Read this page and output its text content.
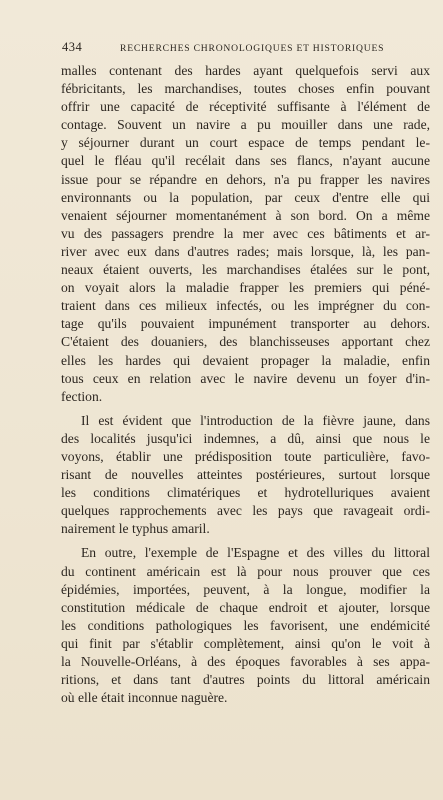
434	RECHERCHES CHRONOLOGIQUES ET HISTORIQUES
malles contenant des hardes ayant quelquefois servi aux
fébricitants, les marchandises, toutes choses enfin pouvant
offrir une capacité de réceptivité suffisante à l'élément de
contage. Souvent un navire a pu mouiller dans une rade,
y séjourner durant un court espace de temps pendant le-
quel le fléau qu'il recélait dans ses flancs, n'ayant aucune
issue pour se répandre en dehors, n'a pu frapper les navires
environnants ou la population, par ceux d'entre elle qui
venaient séjourner momentanément à son bord. On a même
vu des passagers prendre la mer avec ces bâtiments et ar-
river avec eux dans d'autres rades; mais lorsque, là, les pan-
neaux étaient ouverts, les marchandises étalées sur le pont,
on voyait alors la maladie frapper les premiers qui péné-
traient dans ces milieux infectés, ou les imprégner du con-
tage qu'ils pouvaient impunément transporter au dehors.
C'étaient des douaniers, des blanchisseuses apportant chez
elles les hardes qui devaient propager la maladie, enfin
tous ceux en relation avec le navire devenu un foyer d'in-
fection.
Il est évident que l'introduction de la fièvre jaune, dans
des localités jusqu'ici indemnes, a dû, ainsi que nous le
voyons, établir une prédisposition toute particulière, favo-
risant de nouvelles atteintes postérieures, surtout lorsque
les conditions climatériques et hydrotelluriques avaient
quelques rapprochements avec les pays que ravageait ordi-
nairement le typhus amaril.
En outre, l'exemple de l'Espagne et des villes du littoral
du continent américain est là pour nous prouver que ces
épidémies, importées, peuvent, à la longue, modifier la
constitution médicale de chaque endroit et ajouter, lorsque
les conditions pathologiques les favorisent, une endémicité
qui finit par s'établir complètement, ainsi qu'on le voit à
la Nouvelle-Orléans, à des époques favorables à ses appa-
ritions, et dans tant d'autres points du littoral américain
où elle était inconnue naguère.
